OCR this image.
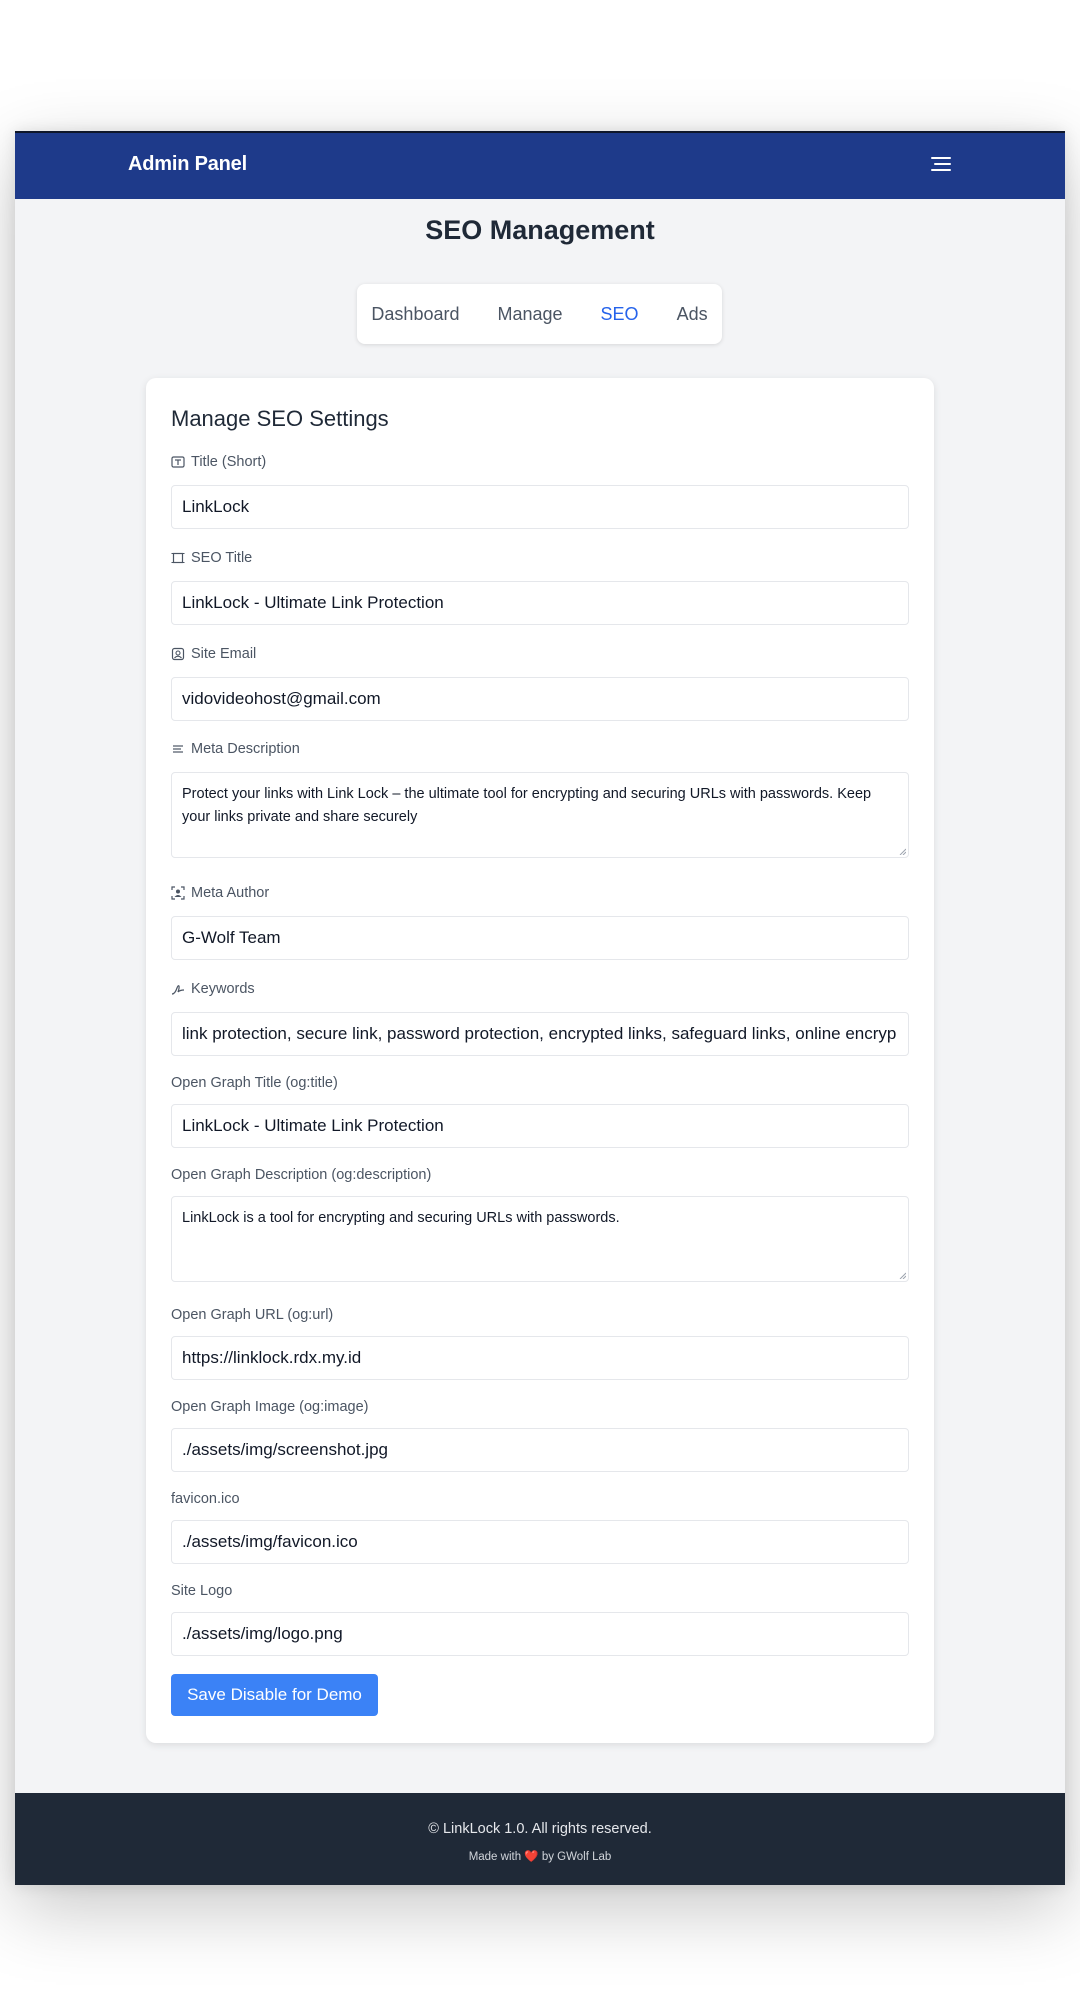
Admin Panel
SEO Management
Dashboard	Manage	SEO	Ads
Manage SEO Settings
Title (Short)
LinkLock
SEO Title
LinkLock - Ultimate Link Protection
Site Email
vidovideohost@gmail.com
Meta Description
Protect your links with Link Lock – the ultimate tool for encrypting and securing URLs with passwords. Keep your links private and share securely
Meta Author
G-Wolf Team
Keywords
link protection, secure link, password protection, encrypted links, safeguard links, online encryp
Open Graph Title (og:title)
LinkLock - Ultimate Link Protection
Open Graph Description (og:description)
LinkLock is a tool for encrypting and securing URLs with passwords.
Open Graph URL (og:url)
https://linklock.rdx.my.id
Open Graph Image (og:image)
./assets/img/screenshot.jpg
favicon.ico
./assets/img/favicon.ico
Site Logo
./assets/img/logo.png
Save Disable for Demo
© LinkLock 1.0. All rights reserved.
Made with ❤️ by GWolf Lab
